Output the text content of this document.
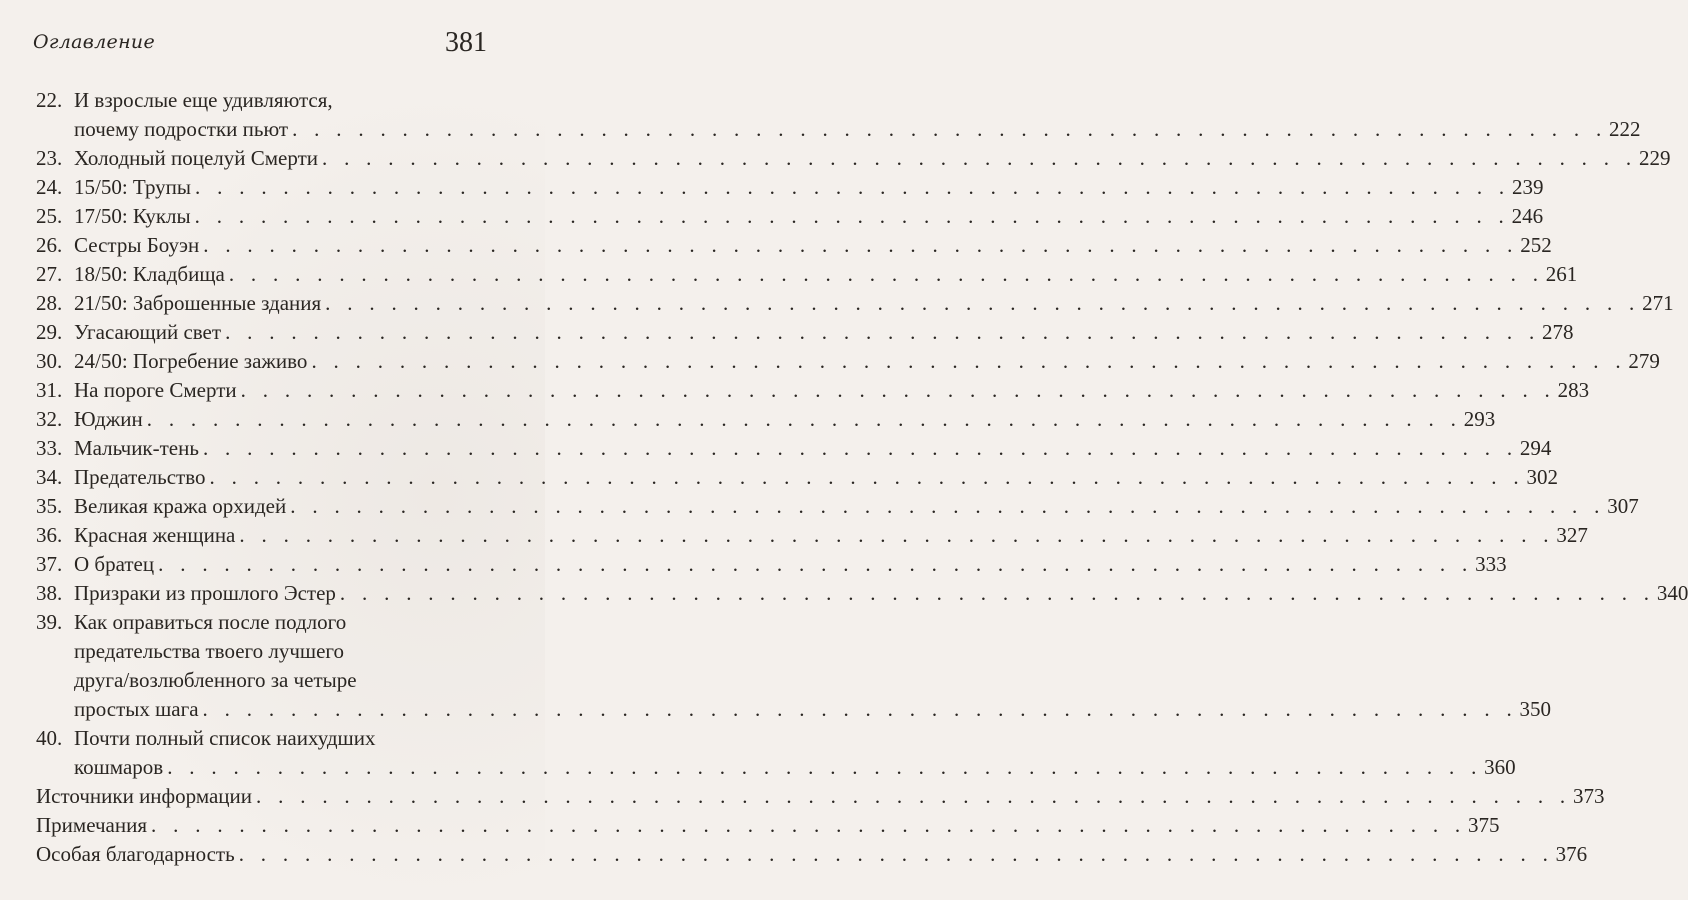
Оглавление	381
22. И взрослые еще удивляются,
почему подростки пьют . . . . . . . . . . . . . . . . . . . . . . . . . . . . . . . . . . . . . . . . . . . . . . . . . . . . . . . . . . . . 222
23. Холодный поцелуй Смерти . . . . . . . . . . . . . . . . . . . . . . . . . . . . . . . . . . . . . . . . . . . . . . . . . . . . . . . . . . . . 229
24. 15/50: Трупы . . . . . . . . . . . . . . . . . . . . . . . . . . . . . . . . . . . . . . . . . . . . . . . . . . . . . . . . . . . . 239
25. 17/50: Куклы . . . . . . . . . . . . . . . . . . . . . . . . . . . . . . . . . . . . . . . . . . . . . . . . . . . . . . . . . . . . 246
26. Сестры Боуэн . . . . . . . . . . . . . . . . . . . . . . . . . . . . . . . . . . . . . . . . . . . . . . . . . . . . . . . . . . . . 252
27. 18/50: Кладбища . . . . . . . . . . . . . . . . . . . . . . . . . . . . . . . . . . . . . . . . . . . . . . . . . . . . . . . . . . . . 261
28. 21/50: Заброшенные здания . . . . . . . . . . . . . . . . . . . . . . . . . . . . . . . . . . . . . . . . . . . . . . . . . . . . . . . . . . . . 271
29. Угасающий свет . . . . . . . . . . . . . . . . . . . . . . . . . . . . . . . . . . . . . . . . . . . . . . . . . . . . . . . . . . . . 278
30. 24/50: Погребение заживо . . . . . . . . . . . . . . . . . . . . . . . . . . . . . . . . . . . . . . . . . . . . . . . . . . . . . . . . . . . . 279
31. На пороге Смерти . . . . . . . . . . . . . . . . . . . . . . . . . . . . . . . . . . . . . . . . . . . . . . . . . . . . . . . . . . . . 283
32. Юджин . . . . . . . . . . . . . . . . . . . . . . . . . . . . . . . . . . . . . . . . . . . . . . . . . . . . . . . . . . . . 293
33. Мальчик-тень . . . . . . . . . . . . . . . . . . . . . . . . . . . . . . . . . . . . . . . . . . . . . . . . . . . . . . . . . . . . 294
34. Предательство . . . . . . . . . . . . . . . . . . . . . . . . . . . . . . . . . . . . . . . . . . . . . . . . . . . . . . . . . . . . 302
35. Великая кража орхидей . . . . . . . . . . . . . . . . . . . . . . . . . . . . . . . . . . . . . . . . . . . . . . . . . . . . . . . . . . . . 307
36. Красная женщина . . . . . . . . . . . . . . . . . . . . . . . . . . . . . . . . . . . . . . . . . . . . . . . . . . . . . . . . . . . . 327
37. О братец . . . . . . . . . . . . . . . . . . . . . . . . . . . . . . . . . . . . . . . . . . . . . . . . . . . . . . . . . . . . 333
38. Призраки из прошлого Эстер . . . . . . . . . . . . . . . . . . . . . . . . . . . . . . . . . . . . . . . . . . . . . . . . . . . . . . . . . . . . 340
39. Как оправиться после подлого
предательства твоего лучшего
друга/возлюбленного за четыре
простых шага . . . . . . . . . . . . . . . . . . . . . . . . . . . . . . . . . . . . . . . . . . . . . . . . . . . . . . . . . . . . 350
40. Почти полный список наихудших
кошмаров . . . . . . . . . . . . . . . . . . . . . . . . . . . . . . . . . . . . . . . . . . . . . . . . . . . . . . . . . . . . 360
Источники информации . . . . . . . . . . . . . . . . . . . . . . . . . . . . . . . . . . . . . . . . . . . . . . . . . . . . . . . . . . . . 373
Примечания . . . . . . . . . . . . . . . . . . . . . . . . . . . . . . . . . . . . . . . . . . . . . . . . . . . . . . . . . . . . 375
Особая благодарность . . . . . . . . . . . . . . . . . . . . . . . . . . . . . . . . . . . . . . . . . . . . . . . . . . . . . . . . . . . . 376
